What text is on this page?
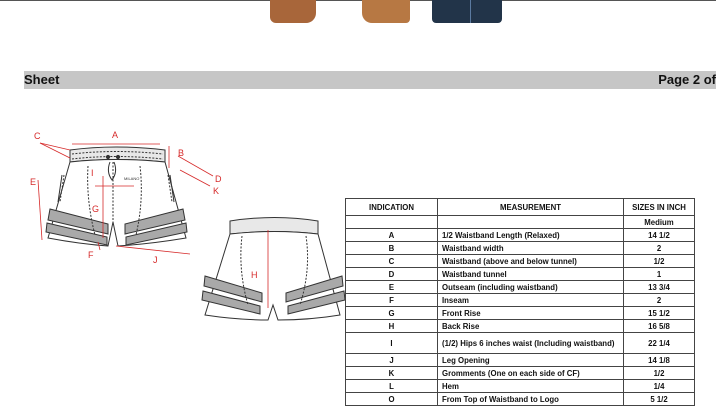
Sheet	Page 2 of
MILANO
A
B
C
D
E
F
G
I
J
K
H
INDICATION	MEASUREMENT	SIZES IN INCH
		Medium
A	1/2 Waistband Length (Relaxed)	14 1/2
B	Waistband width	2
C	Waistband (above and below tunnel)	1/2
D	Waistband tunnel	1
E	Outseam (including waistband)	13 3/4
F	Inseam	2
G	Front Rise	15 1/2
H	Back Rise	16 5/8
I	(1/2) Hips 6 inches waist (Including waistband)	22 1/4
J	Leg Opening	14 1/8
K	Gromments (One on each side of CF)	1/2
L	Hem	1/4
O	From Top of Waistband to Logo	5 1/2
